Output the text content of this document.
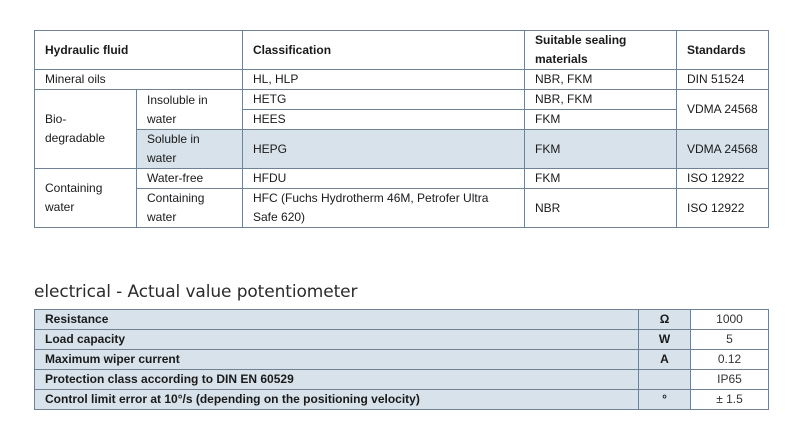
Hydraulic fluid		Classification	Suitable sealing materials	Standards
Mineral oils		HL, HLP	NBR, FKM	DIN 51524
Bio-degradable	Insoluble in water	HETG	NBR, FKM	VDMA 24568
		HEES	FKM	
	Soluble in water	HEPG	FKM	VDMA 24568
Containing water	Water-free	HFDU	FKM	ISO 12922
	Containing water	HFC (Fuchs Hydrotherm 46M, Petrofer Ultra Safe 620)	NBR	ISO 12922
electrical - Actual value potentiometer
Resistance	Ω	1000
Load capacity	W	5
Maximum wiper current	A	0.12
Protection class according to DIN EN 60529		IP65
Control limit error at 10°/s (depending on the positioning velocity)	°	± 1.5
